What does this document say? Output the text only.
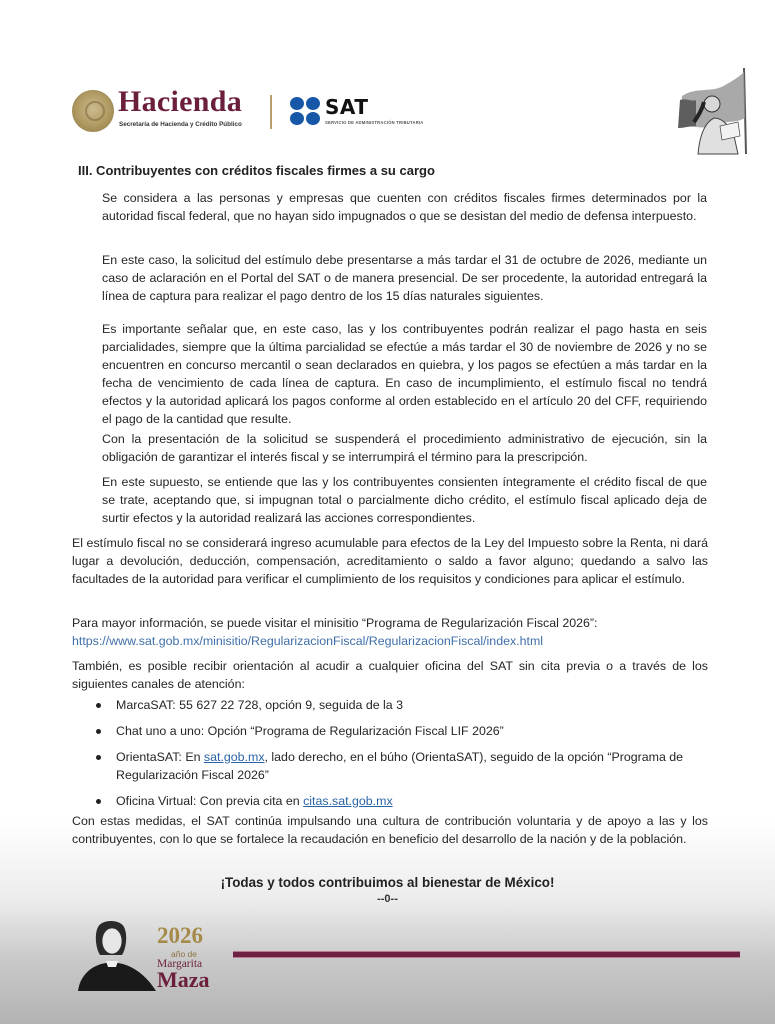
Hacienda
Secretaría de Hacienda y Crédito Público
SAT
SERVICIO DE ADMINISTRACIÓN TRIBUTARIA
III. Contribuyentes con créditos fiscales firmes a su cargo

Se considera a las personas y empresas que cuenten con créditos fiscales firmes determinados por la autoridad fiscal federal, que no hayan sido impugnados o que se desistan del medio de defensa interpuesto.

En este caso, la solicitud del estímulo debe presentarse a más tardar el 31 de octubre de 2026, mediante un caso de aclaración en el Portal del SAT o de manera presencial. De ser procedente, la autoridad entregará la línea de captura para realizar el pago dentro de los 15 días naturales siguientes.

Es importante señalar que, en este caso, las y los contribuyentes podrán realizar el pago hasta en seis parcialidades, siempre que la última parcialidad se efectúe a más tardar el 30 de noviembre de 2026 y no se encuentren en concurso mercantil o sean declarados en quiebra, y los pagos se efectúen a más tardar en la fecha de vencimiento de cada línea de captura. En caso de incumplimiento, el estímulo fiscal no tendrá efectos y la autoridad aplicará los pagos conforme al orden establecido en el artículo 20 del CFF, requiriendo el pago de la cantidad que resulte.

Con la presentación de la solicitud se suspenderá el procedimiento administrativo de ejecución, sin la obligación de garantizar el interés fiscal y se interrumpirá el término para la prescripción.

En este supuesto, se entiende que las y los contribuyentes consienten íntegramente el crédito fiscal de que se trate, aceptando que, si impugnan total o parcialmente dicho crédito, el estímulo fiscal aplicado deja de surtir efectos y la autoridad realizará las acciones correspondientes.

El estímulo fiscal no se considerará ingreso acumulable para efectos de la Ley del Impuesto sobre la Renta, ni dará lugar a devolución, deducción, compensación, acreditamiento o saldo a favor alguno; quedando a salvo las facultades de la autoridad para verificar el cumplimiento de los requisitos y condiciones para aplicar el estímulo.

Para mayor información, se puede visitar el minisitio “Programa de Regularización Fiscal 2026”:
https://www.sat.gob.mx/minisitio/RegularizacionFiscal/RegularizacionFiscal/index.html

También, es posible recibir orientación al acudir a cualquier oficina del SAT sin cita previa o a través de los siguientes canales de atención:

MarcaSAT: 55 627 22 728, opción 9, seguida de la 3
Chat uno a uno: Opción “Programa de Regularización Fiscal LIF 2026”
OrientaSAT: En sat.gob.mx, lado derecho, en el búho (OrientaSAT), seguido de la opción “Programa de Regularización Fiscal 2026”
Oficina Virtual: Con previa cita en citas.sat.gob.mx

Con estas medidas, el SAT continúa impulsando una cultura de contribución voluntaria y de apoyo a las y los contribuyentes, con lo que se fortalece la recaudación en beneficio del desarrollo de la nación y de la población.

¡Todas y todos contribuimos al bienestar de México!
--0--
2026
año de
Margarita
Maza
